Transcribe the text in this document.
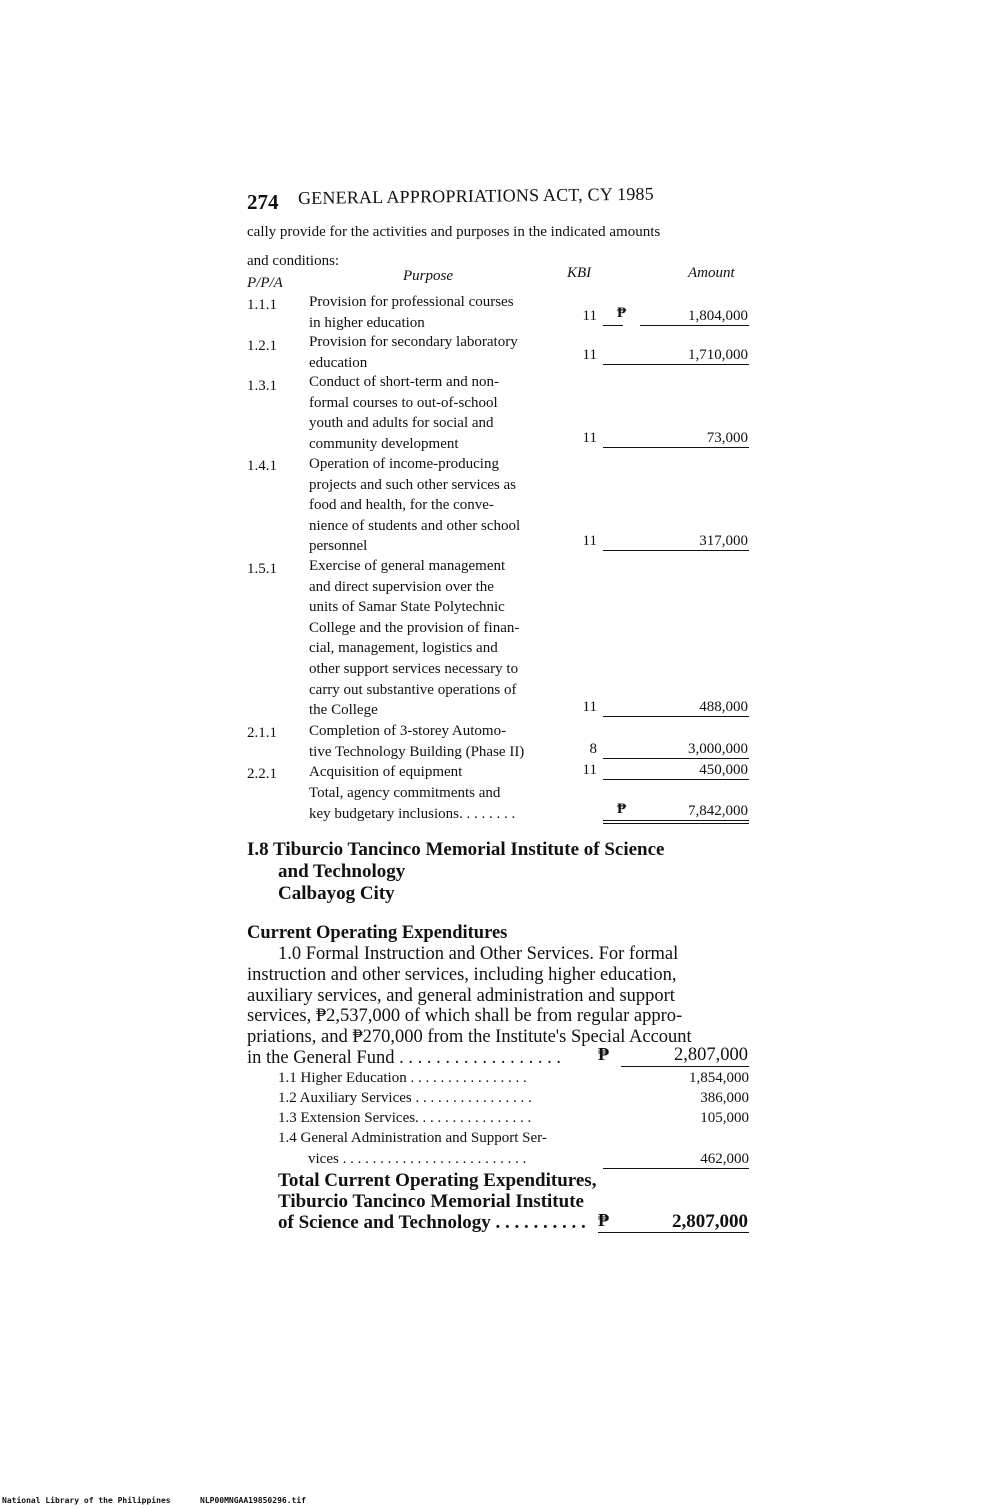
274 GENERAL APPROPRIATIONS ACT, CY 1985
cally provide for the activities and purposes in the indicated amounts
and conditions:
P/P/A	Purpose	KBI	Amount
1.1.1 Provision for professional courses
in higher education	11 ₱	1,804,000
1.2.1 Provision for secondary laboratory
education	11	1,710,000
1.3.1 Conduct of short-term and non-
formal courses to out-of-school
youth and adults for social and
community development	11	73,000
1.4.1 Operation of income-producing
projects and such other services as
food and health, for the conve-
nience of students and other school
personnel	11	317,000
1.5.1 Exercise of general management
and direct supervision over the
units of Samar State Polytechnic
College and the provision of finan-
cial, management, logistics and
other support services necessary to
carry out substantive operations of
the College	11	488,000
2.1.1 Completion of 3-storey Automo-
tive Technology Building (Phase II)	8	3,000,000
2.2.1 Acquisition of equipment	11	450,000
Total, agency commitments and
key budgetary inclusions. . . . . . . .	₱	7,842,000
I.8 Tiburcio Tancinco Memorial Institute of Science
and Technology
Calbayog City
Current Operating Expenditures
1.0 Formal Instruction and Other Services. For formal
instruction and other services, including higher education,
auxiliary services, and general administration and support
services, ₱2,537,000 of which shall be from regular appro-
priations, and ₱270,000 from the Institute's Special Account
in the General Fund . . . . . . . . . . . . . . . . . .	₱	2,807,000
1.1 Higher Education . . . . . . . . . . . . . . . .	1,854,000
1.2 Auxiliary Services . . . . . . . . . . . . . . . .	386,000
1.3 Extension Services. . . . . . . . . . . . . . . .	105,000
1.4 General Administration and Support Ser-
vices . . . . . . . . . . . . . . . . . . . . . . . . .	462,000
Total Current Operating Expenditures,
Tiburcio Tancinco Memorial Institute
of Science and Technology . . . . . . . . . . ₱	2,807,000
National Library of the Philippines	NLP00MNGAA19850296.tif
